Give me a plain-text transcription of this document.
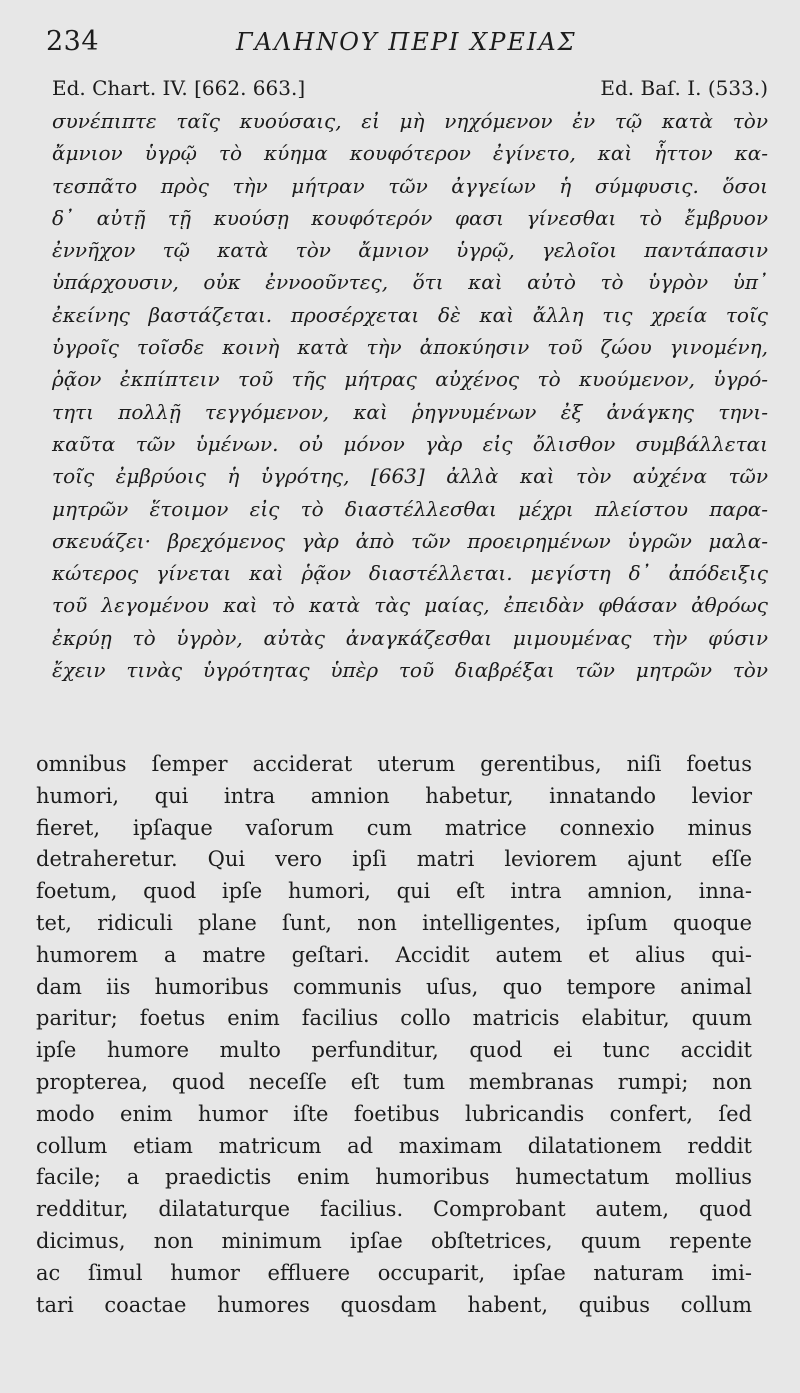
234	ΓΑΛΗΝΟΥ ΠΕΡΙ ΧΡΕΙΑΣ
Ed. Chart. IV. [662. 663.]	Ed. Baſ. I. (533.)
συνέπιπτε ταῖς κυούσαις, εἰ μὴ νηχόμενον ἐν τῷ κατὰ τὸν
ἄμνιον ὑγρῷ τὸ κύημα κουφότερον ἐγίνετο, καὶ ἧττον κα-
τεσπᾶτο πρὸς τὴν μήτραν τῶν ἀγγείων ἡ σύμφυσις. ὅσοι
δ᾽ αὐτῇ τῇ κυούσῃ κουφότερόν φασι γίνεσθαι τὸ ἔμβρυον
ἐννῆχον τῷ κατὰ τὸν ἄμνιον ὑγρῷ, γελοῖοι παντάπασιν
ὑπάρχουσιν, οὐκ ἐννοοῦντες, ὅτι καὶ αὐτὸ τὸ ὑγρὸν ὑπ᾽
ἐκείνης βαστάζεται. προσέρχεται δὲ καὶ ἄλλη τις χρεία τοῖς
ὑγροῖς τοῖσδε κοινὴ κατὰ τὴν ἀποκύησιν τοῦ ζώου γινομένη,
ῥᾷον ἐκπίπτειν τοῦ τῆς μήτρας αὐχένος τὸ κυούμενον, ὑγρό-
τητι πολλῇ τεγγόμενον, καὶ ῥηγνυμένων ἐξ ἀνάγκης τηνι-
καῦτα τῶν ὑμένων. οὐ μόνον γὰρ εἰς ὄλισθον συμβάλλεται
τοῖς ἐμβρύοις ἡ ὑγρότης, [663] ἀλλὰ καὶ τὸν αὐχένα τῶν
μητρῶν ἕτοιμον εἰς τὸ διαστέλλεσθαι μέχρι πλείστου παρα-
σκευάζει· βρεχόμενος γὰρ ἀπὸ τῶν προειρημένων ὑγρῶν μαλα-
κώτερος γίνεται καὶ ῥᾷον διαστέλλεται. μεγίστη δ᾽ ἀπόδειξις
τοῦ λεγομένου καὶ τὸ κατὰ τὰς μαίας, ἐπειδὰν φθάσαν ἀθρόως
ἐκρύῃ τὸ ὑγρὸν, αὐτὰς ἀναγκάζεσθαι μιμουμένας τὴν φύσιν
ἔχειν τινὰς ὑγρότητας ὑπὲρ τοῦ διαβρέξαι τῶν μητρῶν τὸν
omnibus ſemper acciderat uterum gerentibus, niſi foetus
humori, qui intra amnion habetur, innatando levior
fieret, ipſaque vaſorum cum matrice connexio minus
detraheretur. Qui vero ipſi matri leviorem ajunt eſſe
foetum, quod ipſe humori, qui eſt intra amnion, inna-
tet, ridiculi plane ſunt, non intelligentes, ipſum quoque
humorem a matre geſtari. Accidit autem et alius qui-
dam iis humoribus communis uſus, quo tempore animal
paritur; foetus enim facilius collo matricis elabitur, quum
ipſe humore multo perfunditur, quod ei tunc accidit
propterea, quod neceſſe eſt tum membranas rumpi; non
modo enim humor iſte foetibus lubricandis confert, ſed
collum etiam matricum ad maximam dilatationem reddit
facile; a praedictis enim humoribus humectatum mollius
redditur, dilataturque facilius. Comprobant autem, quod
dicimus, non minimum ipſae obſtetrices, quum repente
ac ſimul humor effluere occuparit, ipſae naturam imi-
tari coactae humores quosdam habent, quibus collum
